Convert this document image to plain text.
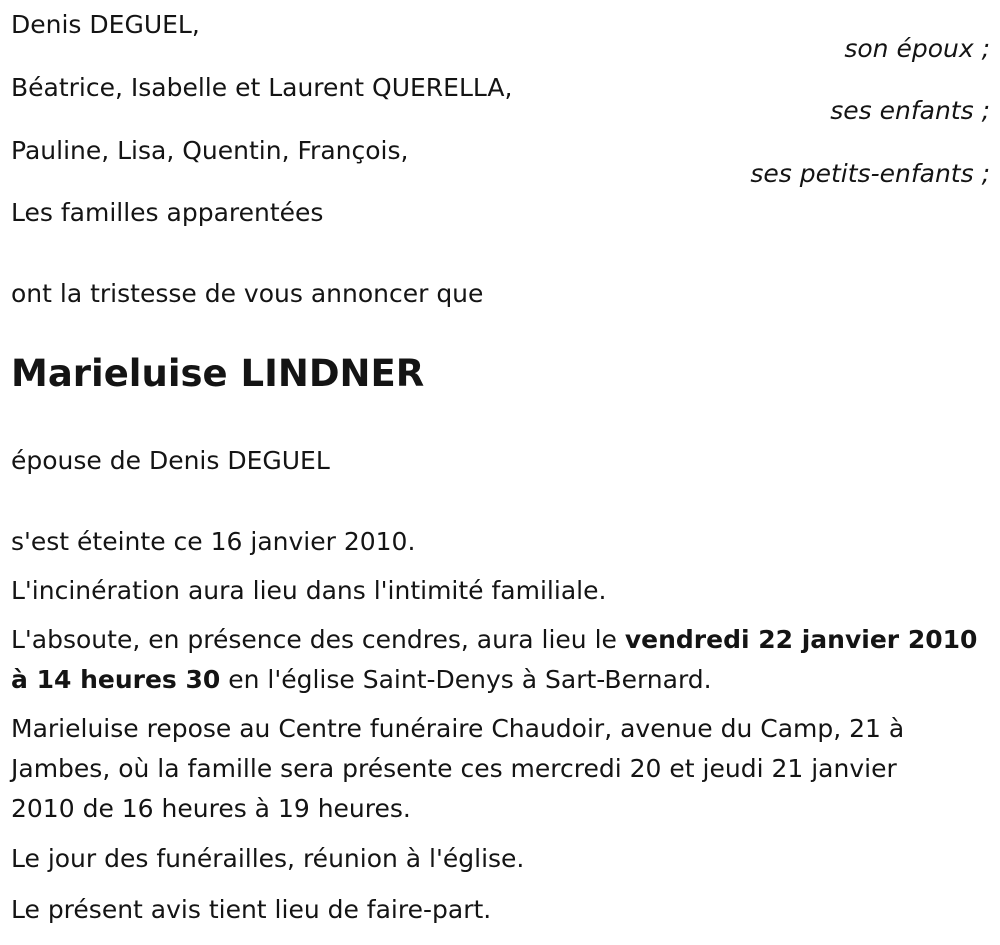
Denis DEGUEL,
son époux ;
Béatrice, Isabelle et Laurent QUERELLA,
ses enfants ;
Pauline, Lisa, Quentin, François,
ses petits-enfants ;
Les familles apparentées
ont la tristesse de vous annoncer que
Marieluise LINDNER
épouse de Denis DEGUEL
s'est éteinte ce 16 janvier 2010.
L'incinération aura lieu dans l'intimité familiale.
L'absoute, en présence des cendres, aura lieu le vendredi 22 janvier 2010
à 14 heures 30 en l'église Saint-Denys à Sart-Bernard.
Marieluise repose au Centre funéraire Chaudoir, avenue du Camp, 21 à
Jambes, où la famille sera présente ces mercredi 20 et jeudi 21 janvier
2010 de 16 heures à 19 heures.
Le jour des funérailles, réunion à l'église.
Le présent avis tient lieu de faire-part.
